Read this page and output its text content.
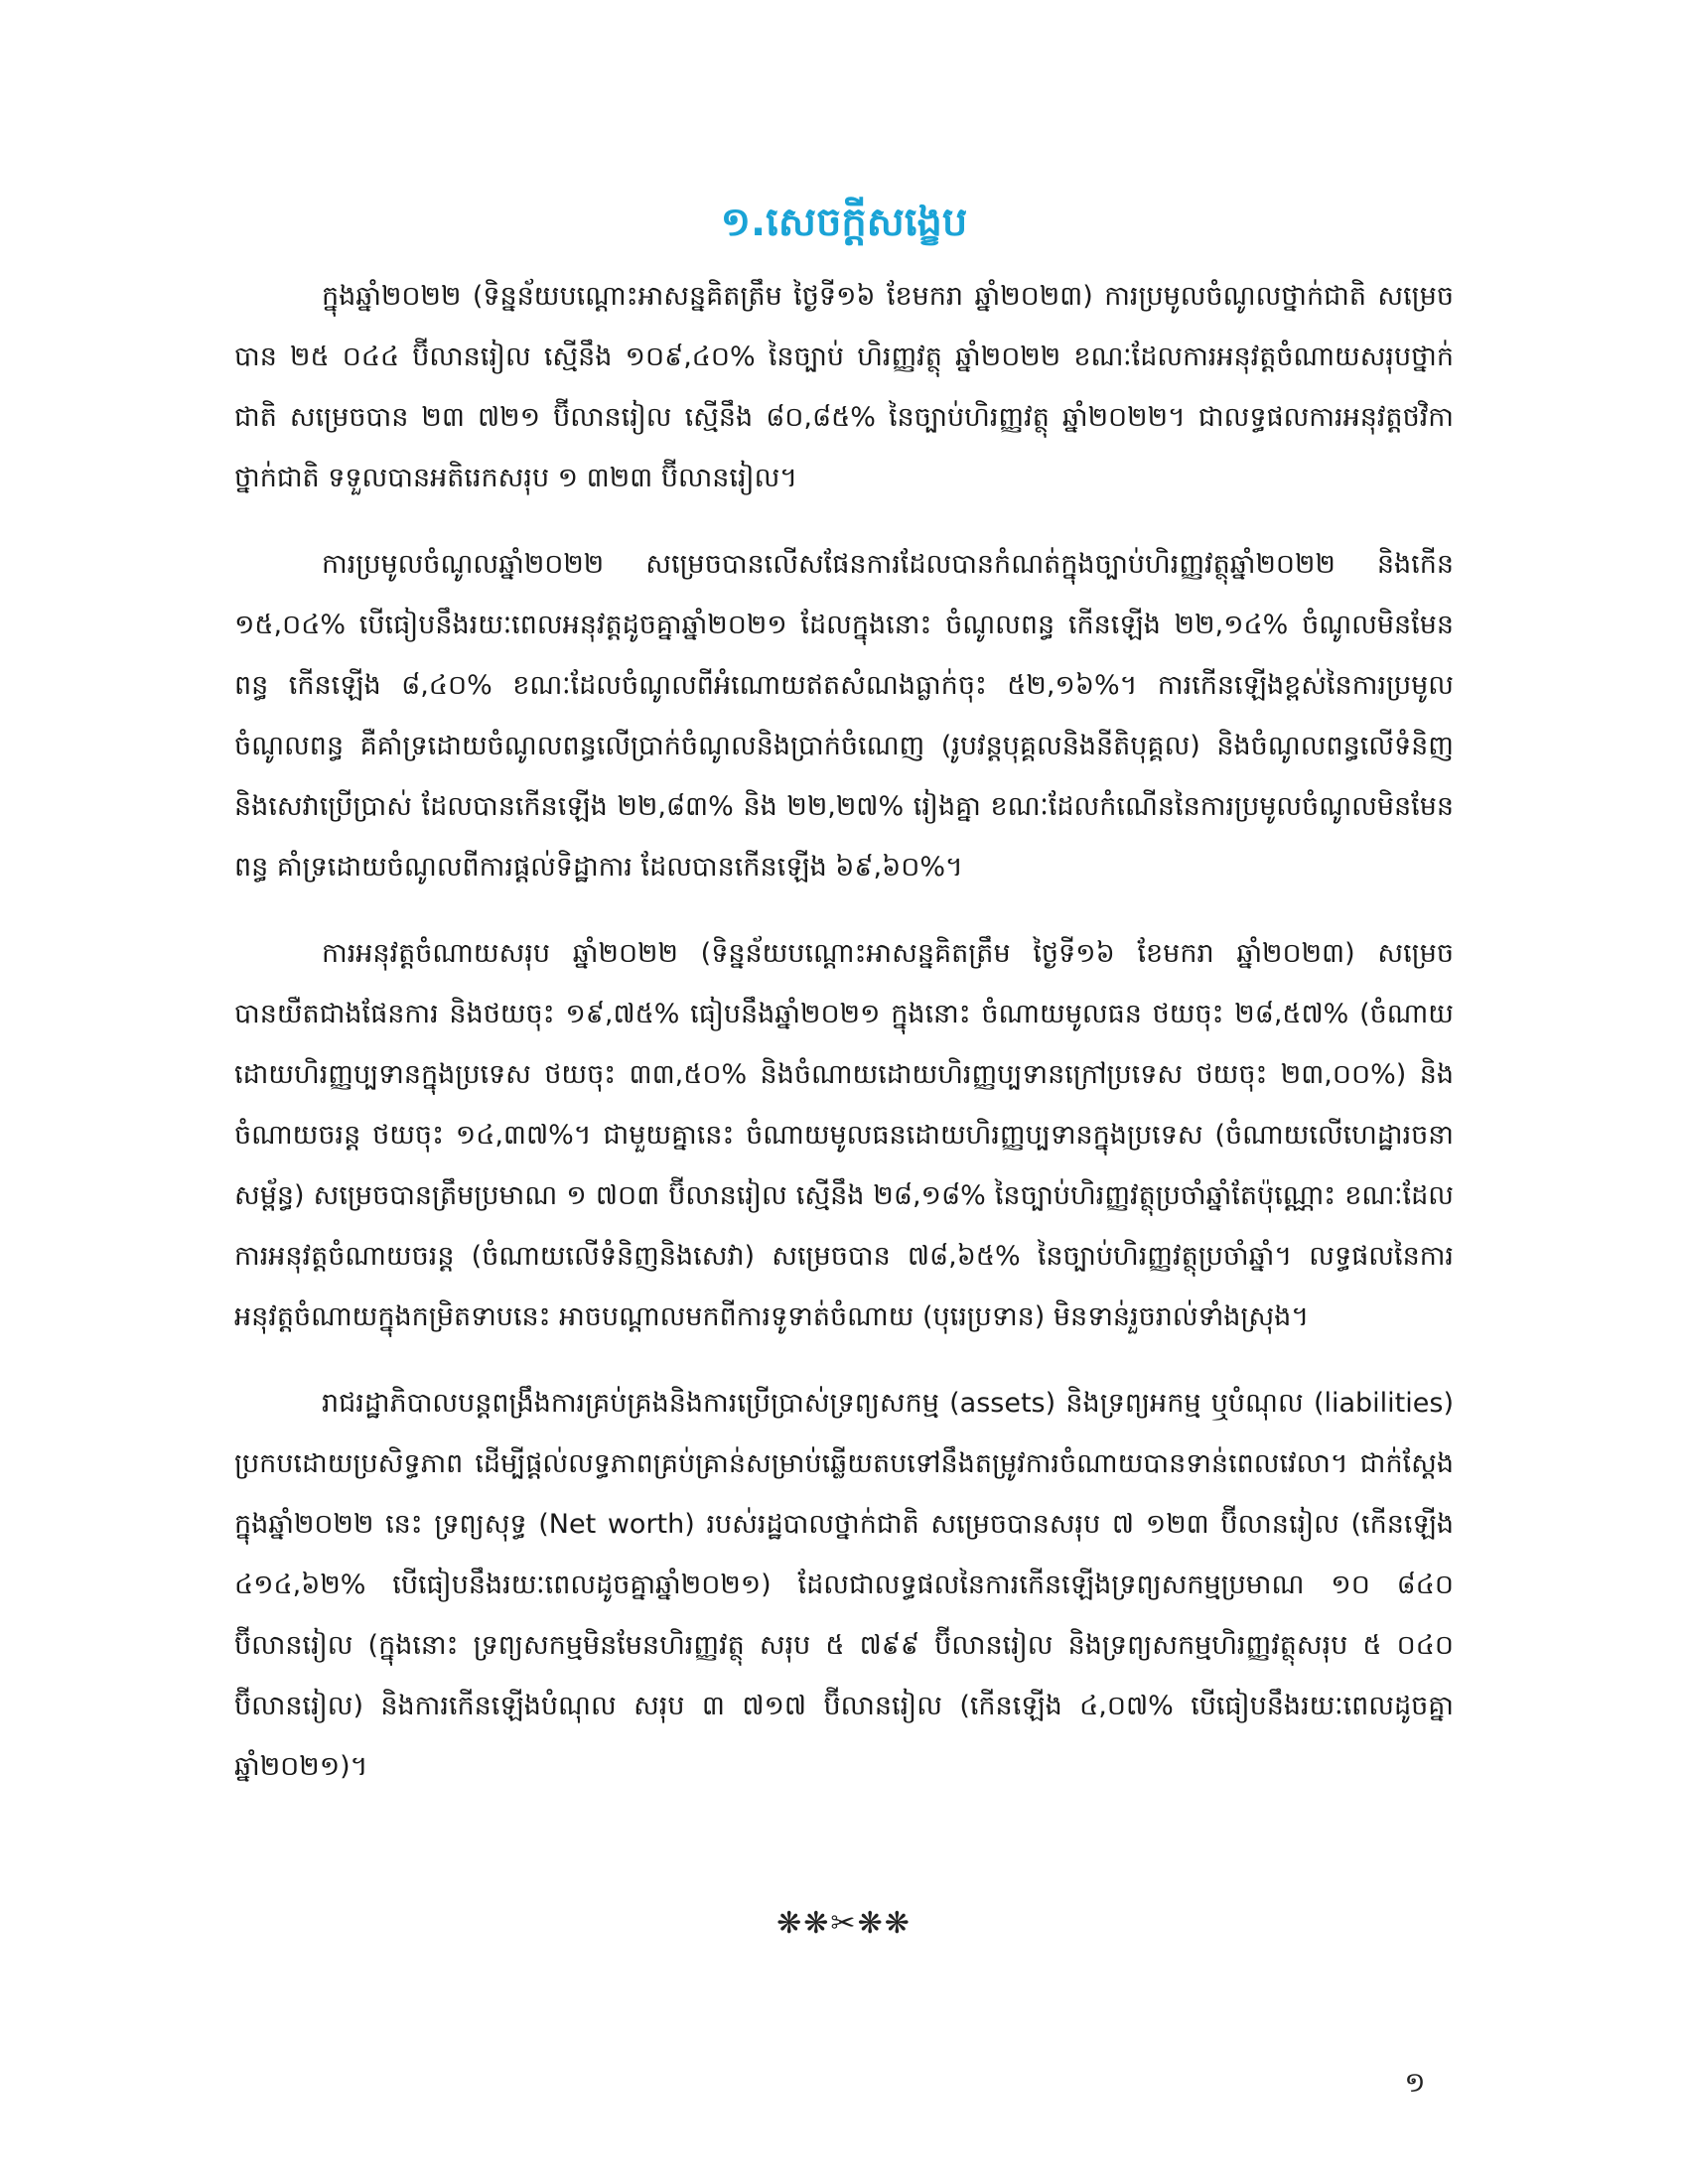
១.សេចក្ដីសង្ខេប

ក្នុងឆ្នាំ២០២២ (ទិន្នន័យបណ្ដោះអាសន្នគិតត្រឹម ថ្ងៃទី១៦ ខែមករា ឆ្នាំ២០២៣) ការប្រមូលចំណូលថ្នាក់ជាតិ សម្រេចបាន ២៥ ០៤៤ ប៊ីលានរៀល ស្មើនឹង ១០៩,៤០% នៃច្បាប់ ហិរញ្ញវត្ថុ ឆ្នាំ២០២២ ខណៈដែលការអនុវត្តចំណាយសរុបថ្នាក់ជាតិ សម្រេចបាន ២៣ ៧២១ ប៊ីលានរៀល ស្មើនឹង ៨០,៨៥% នៃច្បាប់ហិរញ្ញវត្ថុ ឆ្នាំ២០២២។ ជាលទ្ធផលការអនុវត្តថវិកាថ្នាក់ជាតិ ទទួលបានអតិរេកសរុប ១ ៣២៣ ប៊ីលានរៀល។

ការប្រមូលចំណូលឆ្នាំ២០២២ សម្រេចបានលើសផែនការដែលបានកំណត់ក្នុងច្បាប់ហិរញ្ញវត្ថុឆ្នាំ២០២២ និងកើន ១៥,០៤% បើធៀបនឹងរយៈពេលអនុវត្តដូចគ្នាឆ្នាំ២០២១ ដែលក្នុងនោះ ចំណូលពន្ធ កើនឡើង ២២,១៤% ចំណូលមិនមែនពន្ធ កើនឡើង ៨,៤០% ខណៈដែលចំណូលពីអំណោយឥតសំណងធ្លាក់ចុះ ៥២,១៦%។ ការកើនឡើងខ្ពស់នៃការប្រមូលចំណូលពន្ធ គឺគាំទ្រដោយចំណូលពន្ធលើប្រាក់ចំណូលនិងប្រាក់ចំណេញ (រូបវន្តបុគ្គលនិងនីតិបុគ្គល) និងចំណូលពន្ធលើទំនិញ និងសេវាប្រើប្រាស់ ដែលបានកើនឡើង ២២,៨៣% និង ២២,២៧% រៀងគ្នា ខណៈដែលកំណើននៃការប្រមូលចំណូលមិនមែនពន្ធ គាំទ្រដោយចំណូលពីការផ្ដល់ទិដ្ឋាការ ដែលបានកើនឡើង ៦៩,៦០%។

ការអនុវត្តចំណាយសរុប ឆ្នាំ២០២២ (ទិន្នន័យបណ្ដោះអាសន្នគិតត្រឹម ថ្ងៃទី១៦ ខែមករា ឆ្នាំ២០២៣) សម្រេចបានយឺតជាងផែនការ និងថយចុះ ១៩,៧៥% ធៀបនឹងឆ្នាំ២០២១ ក្នុងនោះ ចំណាយមូលធន ថយចុះ ២៨,៥៧% (ចំណាយដោយហិរញ្ញប្បទានក្នុងប្រទេស ថយចុះ ៣៣,៥០% និងចំណាយដោយហិរញ្ញប្បទានក្រៅប្រទេស ថយចុះ ២៣,០០%) និងចំណាយចរន្ត ថយចុះ ១៤,៣៧%។ ជាមួយគ្នានេះ ចំណាយមូលធនដោយហិរញ្ញប្បទានក្នុងប្រទេស (ចំណាយលើហេដ្ឋារចនាសម្ព័ន្ធ) សម្រេចបានត្រឹមប្រមាណ ១ ៧០៣ ប៊ីលានរៀល ស្មើនឹង ២៨,១៨% នៃច្បាប់ហិរញ្ញវត្ថុប្រចាំឆ្នាំតែប៉ុណ្ណោះ ខណៈដែលការអនុវត្តចំណាយចរន្ត (ចំណាយលើទំនិញនិងសេវា) សម្រេចបាន ៧៨,៦៥% នៃច្បាប់ហិរញ្ញវត្ថុប្រចាំឆ្នាំ។ លទ្ធផលនៃការអនុវត្តចំណាយក្នុងកម្រិតទាបនេះ អាចបណ្ដាលមកពីការទូទាត់ចំណាយ (បុរេប្រទាន) មិនទាន់រួចរាល់ទាំងស្រុង។

រាជរដ្ឋាភិបាលបន្តពង្រឹងការគ្រប់គ្រងនិងការប្រើប្រាស់ទ្រព្យសកម្ម (assets) និងទ្រព្យអកម្ម ឬបំណុល (liabilities) ប្រកបដោយប្រសិទ្ធភាព ដើម្បីផ្ដល់លទ្ធភាពគ្រប់គ្រាន់សម្រាប់ឆ្លើយតបទៅនឹងតម្រូវការចំណាយបានទាន់ពេលវេលា។ ជាក់ស្ដែង ក្នុងឆ្នាំ២០២២ នេះ ទ្រព្យសុទ្ធ (Net worth) របស់រដ្ឋបាលថ្នាក់ជាតិ សម្រេចបានសរុប ៧ ១២៣ ប៊ីលានរៀល (កើនឡើង ៤១៤,៦២% បើធៀបនឹងរយៈពេលដូចគ្នាឆ្នាំ២០២១) ដែលជាលទ្ធផលនៃការកើនឡើងទ្រព្យសកម្មប្រមាណ ១០ ៨៤០ ប៊ីលានរៀល (ក្នុងនោះ ទ្រព្យសកម្មមិនមែនហិរញ្ញវត្ថុ សរុប ៥ ៧៩៩ ប៊ីលានរៀល និងទ្រព្យសកម្មហិរញ្ញវត្ថុសរុប ៥ ០៤០ ប៊ីលានរៀល) និងការកើនឡើងបំណុល សរុប ៣ ៧១៧ ប៊ីលានរៀល (កើនឡើង ៤,០៧% បើធៀបនឹងរយៈពេលដូចគ្នាឆ្នាំ២០២១)។

❋❋✂❋❋
១
